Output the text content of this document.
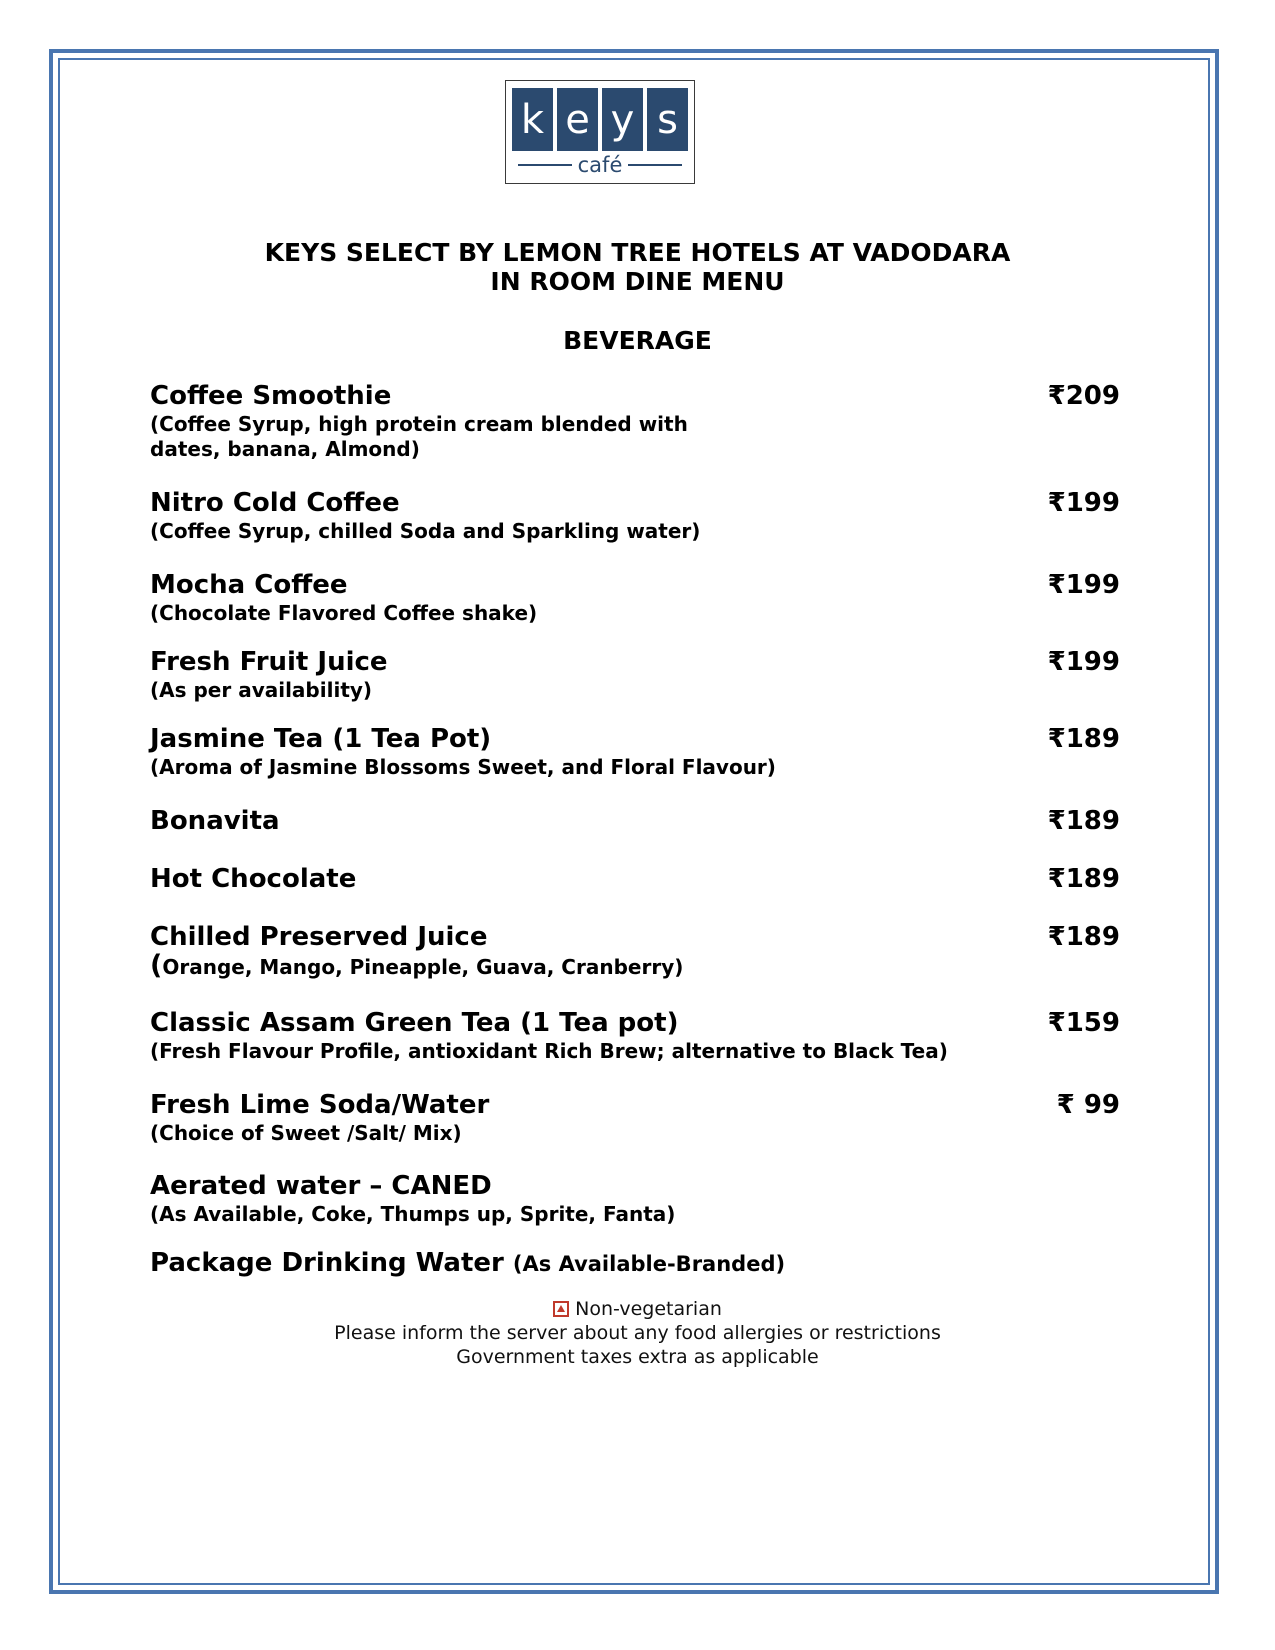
k e y s
café
KEYS SELECT BY LEMON TREE HOTELS AT VADODARA
IN ROOM DINE MENU
BEVERAGE
Coffee Smoothie
(Coffee Syrup, high protein cream blended with dates, banana, Almond)
₹209
Nitro Cold Coffee
(Coffee Syrup, chilled Soda and Sparkling water)
₹199
Mocha Coffee
(Chocolate Flavored Coffee shake)
₹199
Fresh Fruit Juice
(As per availability)
₹199
Jasmine Tea (1 Tea Pot)
(Aroma of Jasmine Blossoms Sweet, and Floral Flavour)
₹189
Bonavita	₹189
Hot Chocolate	₹189
Chilled Preserved Juice
(Orange, Mango, Pineapple, Guava, Cranberry)
₹189
Classic Assam Green Tea (1 Tea pot)
(Fresh Flavour Profile, antioxidant Rich Brew; alternative to Black Tea)
₹159
Fresh Lime Soda/Water
(Choice of Sweet /Salt/ Mix)
₹ 99
Aerated water – CANED
(As Available, Coke, Thumps up, Sprite, Fanta)
Package Drinking Water (As Available-Branded)
Non-vegetarian
Please inform the server about any food allergies or restrictions
Government taxes extra as applicable
